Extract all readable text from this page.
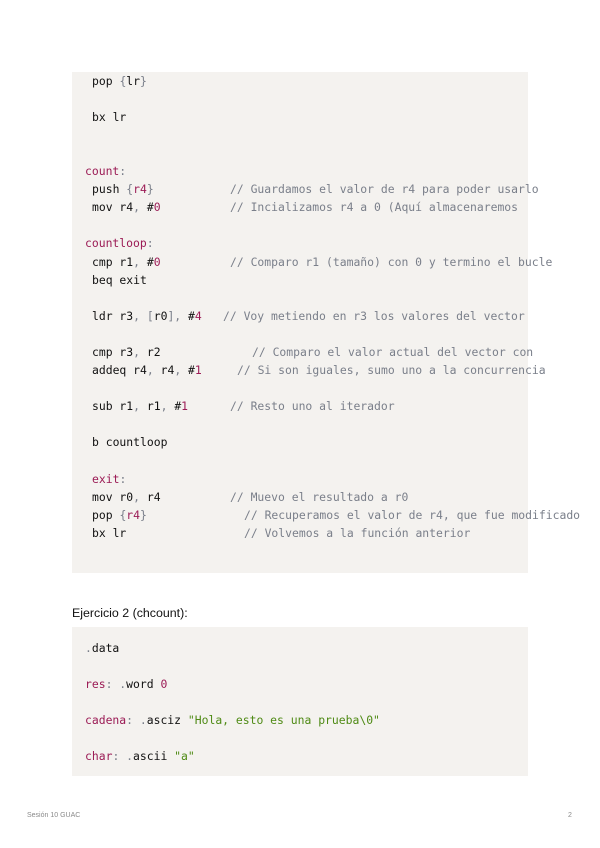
pop {lr}
bx lr
count:
push {r4}	// Guardamos el valor de r4 para poder usarlo
mov r4, #0	// Incializamos r4 a 0 (Aquí almacenaremos
countloop:
cmp r1, #0	// Comparo r1 (tamaño) con 0 y termino el bucle
beq exit
ldr r3, [r0], #4 // Voy metiendo en r3 los valores del vector
cmp r3, r2	// Comparo el valor actual del vector con
addeq r4, r4, #1	// Si son iguales, sumo uno a la concurrencia
sub r1, r1, #1	// Resto uno al iterador
b countloop
exit:
mov r0, r4	// Muevo el resultado a r0
pop {r4}	// Recuperamos el valor de r4, que fue modificado
bx lr	// Volvemos a la función anterior
Ejercicio 2 (chcount):
.data
res: .word 0
cadena: .asciz "Hola, esto es una prueba\0"
char: .ascii "a"
Sesión 10 GUAC	2
